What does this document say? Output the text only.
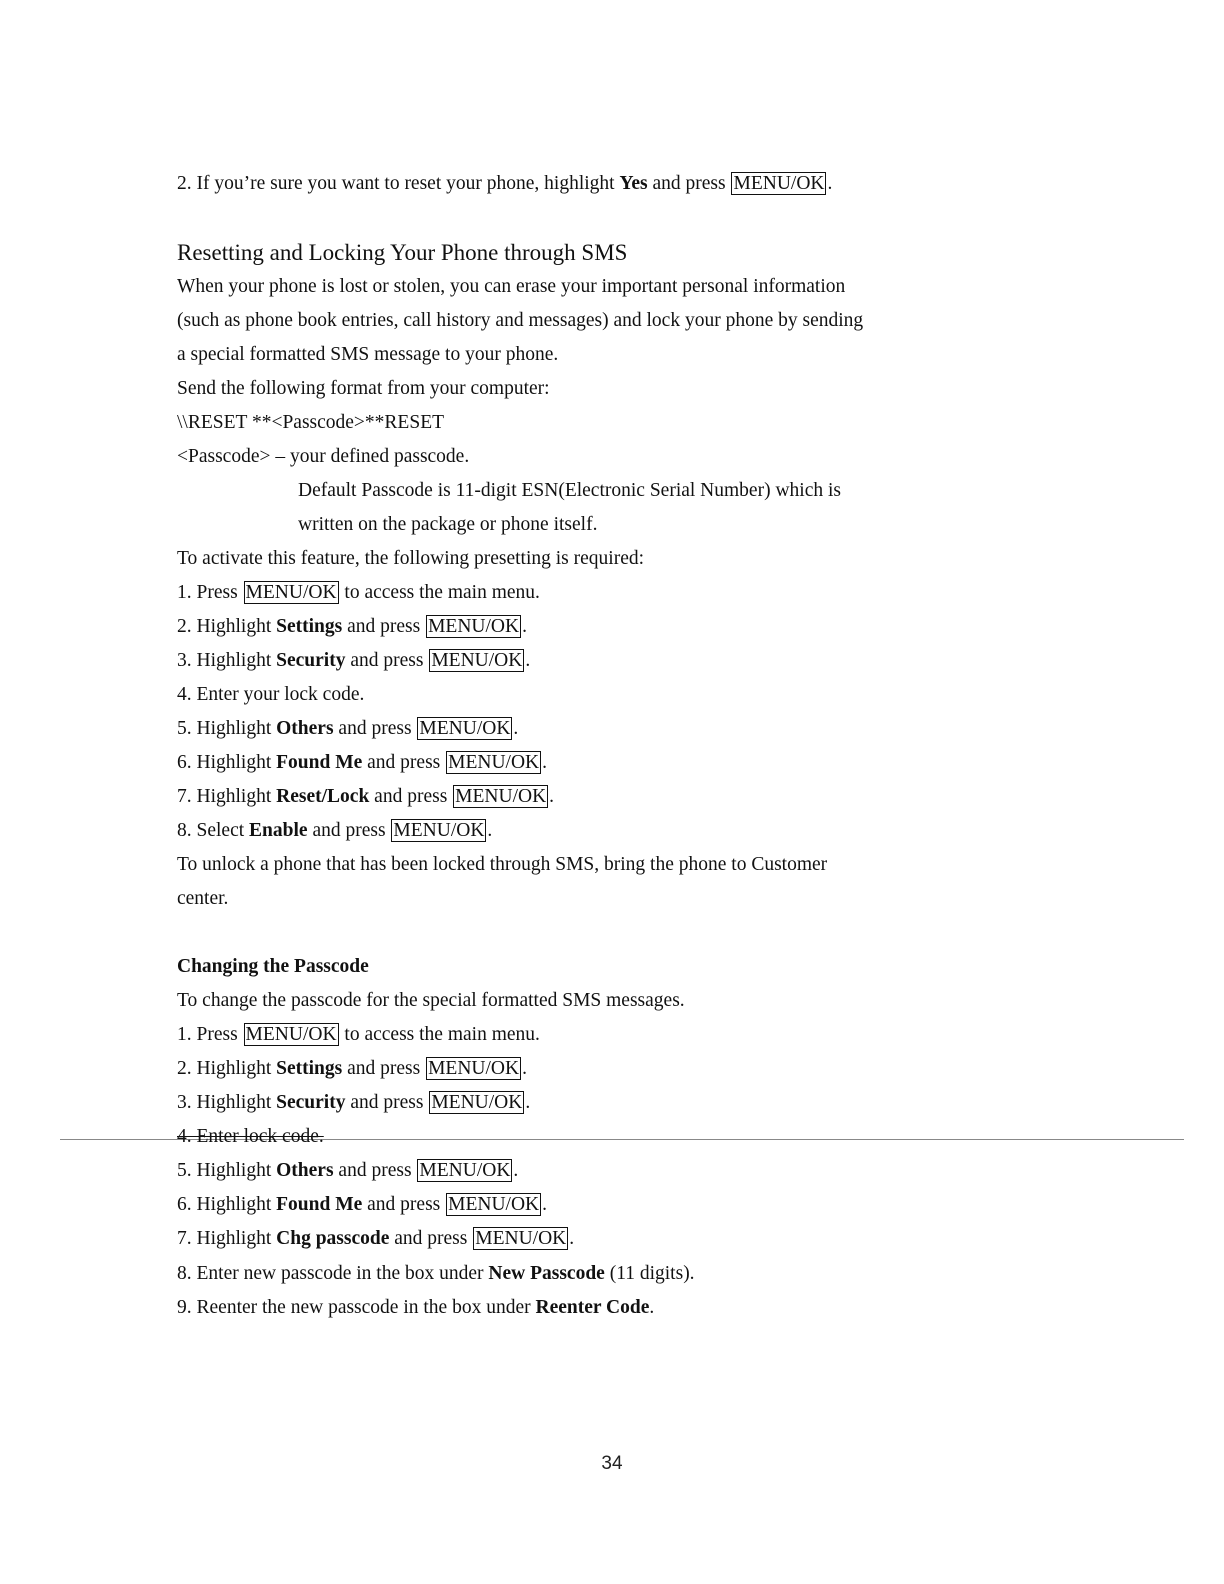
2. If you’re sure you want to reset your phone, highlight Yes and press MENU/OK .
Resetting and Locking Your Phone through SMS
When your phone is lost or stolen, you can erase your important personal information
(such as phone book entries, call history and messages) and lock your phone by sending
a special formatted SMS message to your phone.
Send the following format from your computer:
\\RESET **<Passcode>**RESET
<Passcode> – your defined passcode.
Default Passcode is 11-digit ESN(Electronic Serial Number) which is
written on the package or phone itself.
To activate this feature, the following presetting is required:
1. Press MENU/OK to access the main menu.
2. Highlight Settings and press MENU/OK .
3. Highlight Security and press MENU/OK .
4. Enter your lock code.
5. Highlight Others and press MENU/OK .
6. Highlight Found Me and press MENU/OK .
7. Highlight Reset/Lock and press MENU/OK .
8. Select Enable and press MENU/OK .
To unlock a phone that has been locked through SMS, bring the phone to Customer
center.
Changing the Passcode
To change the passcode for the special formatted SMS messages.
1. Press MENU/OK to access the main menu.
2. Highlight Settings and press MENU/OK .
3. Highlight Security and press MENU/OK .
4. Enter lock code.
5. Highlight Others and press MENU/OK .
6. Highlight Found Me and press MENU/OK .
7. Highlight Chg passcode and press MENU/OK .
8. Enter new passcode in the box under New Passcode (11 digits).
9. Reenter the new passcode in the box under Reenter Code.
34
